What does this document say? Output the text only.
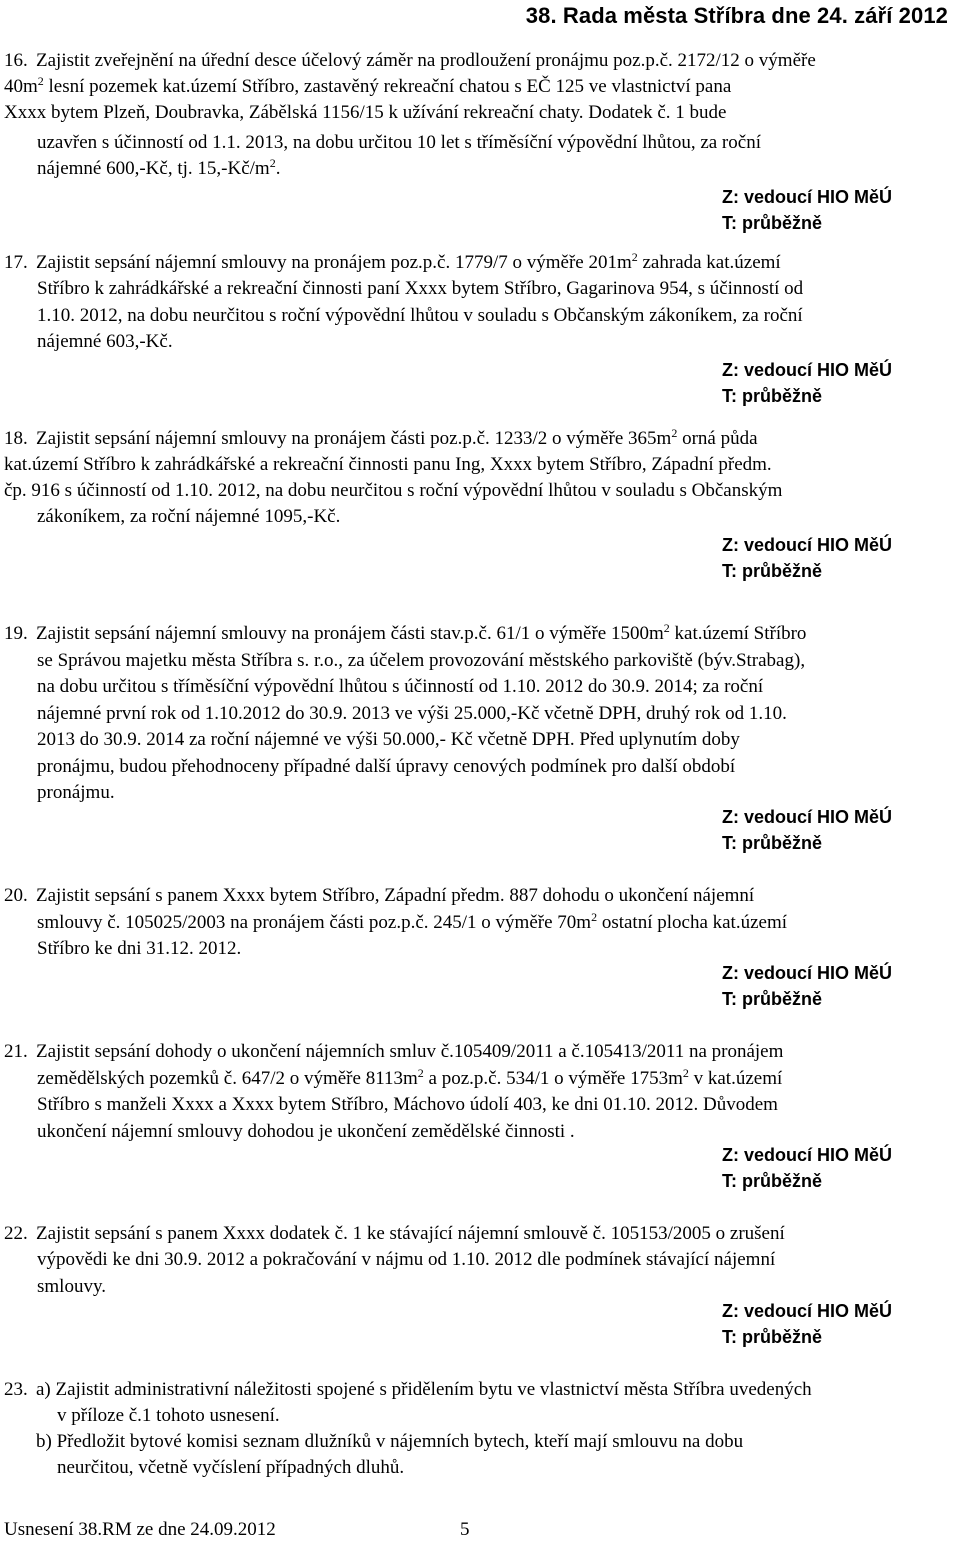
38. Rada města Stříbra dne 24. září 2012
16. Zajistit zveřejnění na úřední desce účelový záměr na prodloužení pronájmu poz.p.č. 2172/12 o výměře
$40m^2$ lesní pozemek kat.území Stříbro, zastavěný rekreační chatou s EČ 125 ve vlastnictví pana
Xxxx bytem Plzeň, Doubravka, Zábělská 1156/15 k užívání rekreační chaty. Dodatek č. 1 bude
uzavřen s účinností od 1.1. 2013, na dobu určitou 10 let s tříměsíční výpovědní lhůtou, za roční
nájemné 600,-Kč, tj. $15,-Kč/m^2$.
Z: vedoucí HIO MěÚ
T: průběžně
17. Zajistit sepsání nájemní smlouvy na pronájem poz.p.č. 1779/7 o výměře $201m^2$ zahrada kat.území
Stříbro k zahrádkářské a rekreační činnosti paní Xxxx bytem Stříbro, Gagarinova 954, s účinností od
1.10. 2012, na dobu neurčitou s roční výpovědní lhůtou v souladu s Občanským zákoníkem, za roční
nájemné 603,-Kč.
Z: vedoucí HIO MěÚ
T: průběžně
18. Zajistit sepsání nájemní smlouvy na pronájem části poz.p.č. 1233/2 o výměře $365m^2$ orná půda
kat.území Stříbro k zahrádkářské a rekreační činnosti panu Ing, Xxxx bytem Stříbro, Západní předm.
čp. 916 s účinností od 1.10. 2012, na dobu neurčitou s roční výpovědní lhůtou v souladu s Občanským
zákoníkem, za roční nájemné 1095,-Kč.
Z: vedoucí HIO MěÚ
T: průběžně
19. Zajistit sepsání nájemní smlouvy na pronájem části stav.p.č. 61/1 o výměře $1500m^2$ kat.území Stříbro
se Správou majetku města Stříbra s. r.o., za účelem provozování městského parkoviště (býv.Strabag),
na dobu určitou s tříměsíční výpovědní lhůtou s účinností od 1.10. 2012 do 30.9. 2014; za roční
nájemné první rok od 1.10.2012 do 30.9. 2013 ve výši 25.000,-Kč včetně DPH, druhý rok od 1.10.
2013 do 30.9. 2014 za roční nájemné ve výši 50.000,- Kč včetně DPH. Před uplynutím doby
pronájmu, budou přehodnoceny případné další úpravy cenových podmínek pro další období
pronájmu.
Z: vedoucí HIO MěÚ
T: průběžně
20. Zajistit sepsání s panem Xxxx bytem Stříbro, Západní předm. 887 dohodu o ukončení nájemní
smlouvy č. 105025/2003 na pronájem části poz.p.č. 245/1 o výměře $70m^2$ ostatní plocha kat.území
Stříbro ke dni 31.12. 2012.
Z: vedoucí HIO MěÚ
T: průběžně
21. Zajistit sepsání dohody o ukončení nájemních smluv č.105409/2011 a č.105413/2011 na pronájem
zemědělských pozemků č. 647/2 o výměře $8113m^2$ a poz.p.č. 534/1 o výměře $1753m^2$ v kat.území
Stříbro s manželi Xxxx a Xxxx bytem Stříbro, Máchovo údolí 403, ke dni 01.10. 2012. Důvodem
ukončení nájemní smlouvy dohodou je ukončení zemědělské činnosti .
Z: vedoucí HIO MěÚ
T: průběžně
22. Zajistit sepsání s panem Xxxx dodatek č. 1 ke stávající nájemní smlouvě č. 105153/2005 o zrušení
výpovědi ke dni 30.9. 2012 a pokračování v nájmu od 1.10. 2012 dle podmínek stávající nájemní
smlouvy.
Z: vedoucí HIO MěÚ
T: průběžně
23. a) Zajistit administrativní náležitosti spojené s přidělením bytu ve vlastnictví města Stříbra uvedených
v příloze č.1 tohoto usnesení.
b) Předložit bytové komisi seznam dlužníků v nájemních bytech, kteří mají smlouvu na dobu
neurčitou, včetně vyčíslení případných dluhů.
Usnesení 38.RM ze dne 24.09.2012	5
